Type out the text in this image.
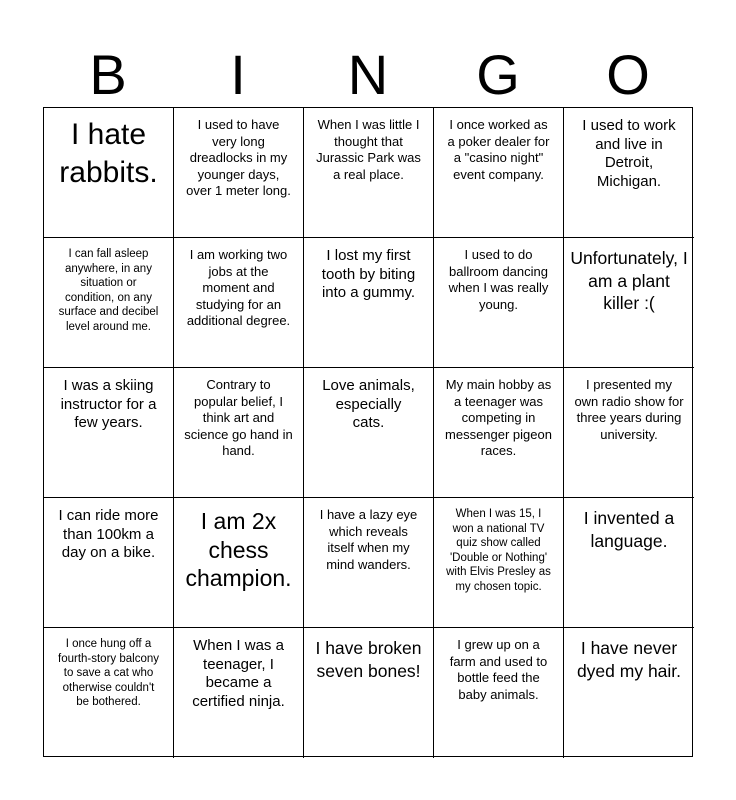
B	I	N	G	O
I hate rabbits.
I used to have very long dreadlocks in my younger days, over 1 meter long.
When I was little I thought that Jurassic Park was a real place.
I once worked as a poker dealer for a "casino night" event company.
I used to work and live in Detroit, Michigan.
I can fall asleep anywhere, in any situation or condition, on any surface and decibel level around me.
I am working two jobs at the moment and studying for an additional degree.
I lost my first tooth by biting into a gummy.
I used to do ballroom dancing when I was really young.
Unfortunately, I am a plant killer :(
I was a skiing instructor for a few years.
Contrary to popular belief, I think art and science go hand in hand.
Love animals, especially cats.
My main hobby as a teenager was competing in messenger pigeon races.
I presented my own radio show for three years during university.
I can ride more than 100km a day on a bike.
I am 2x chess champion.
I have a lazy eye which reveals itself when my mind wanders.
When I was 15, I won a national TV quiz show called 'Double or Nothing' with Elvis Presley as my chosen topic.
I invented a language.
I once hung off a fourth-story balcony to save a cat who otherwise couldn't be bothered.
When I was a teenager, I became a certified ninja.
I have broken seven bones!
I grew up on a farm and used to bottle feed the baby animals.
I have never dyed my hair.
